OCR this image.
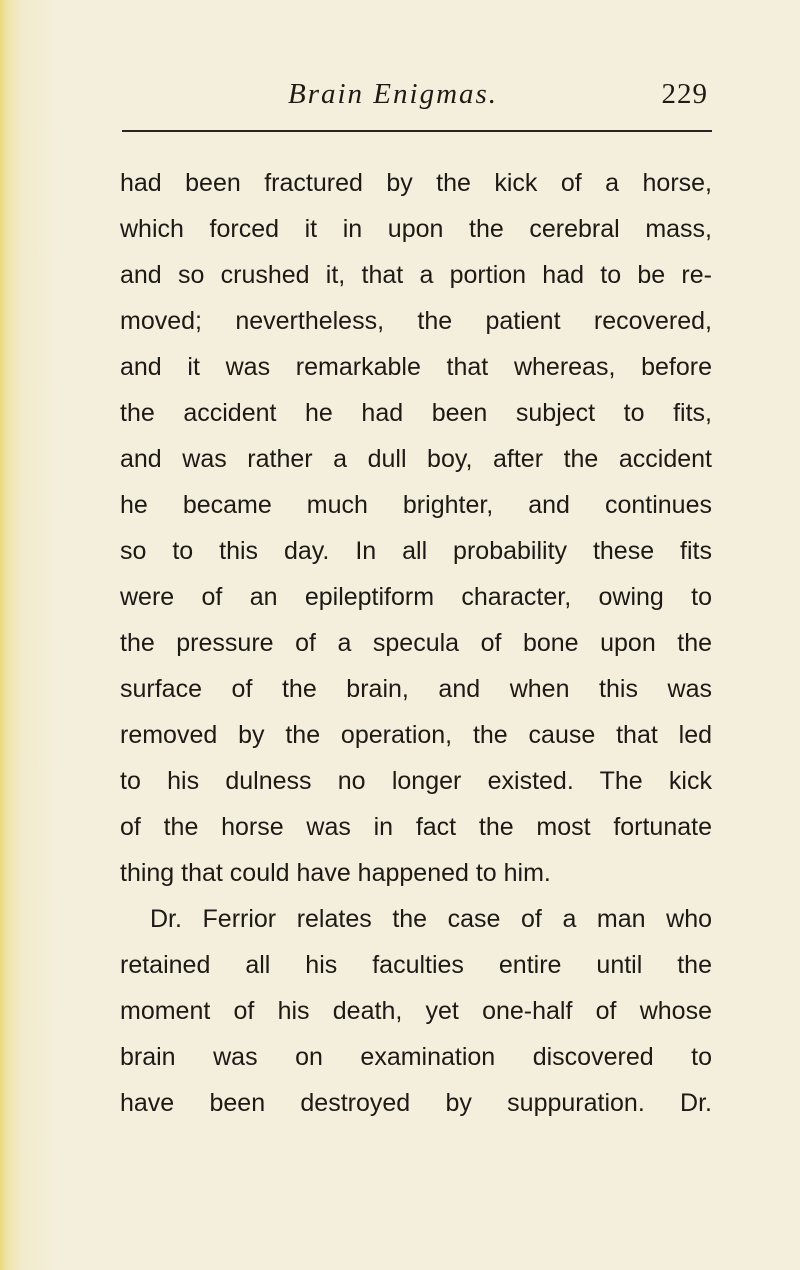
Brain Enigmas.	229
had been fractured by the kick of a horse,
which forced it in upon the cerebral mass,
and so crushed it, that a portion had to be re-
moved; nevertheless, the patient recovered,
and it was remarkable that whereas, before
the accident he had been subject to fits,
and was rather a dull boy, after the accident
he became much brighter, and continues
so to this day. In all probability these fits
were of an epileptiform character, owing to
the pressure of a specula of bone upon the
surface of the brain, and when this was
removed by the operation, the cause that led
to his dulness no longer existed. The kick
of the horse was in fact the most fortunate
thing that could have happened to him.
Dr. Ferrior relates the case of a man who
retained all his faculties entire until the
moment of his death, yet one-half of whose
brain was on examination discovered to
have been destroyed by suppuration. Dr.
